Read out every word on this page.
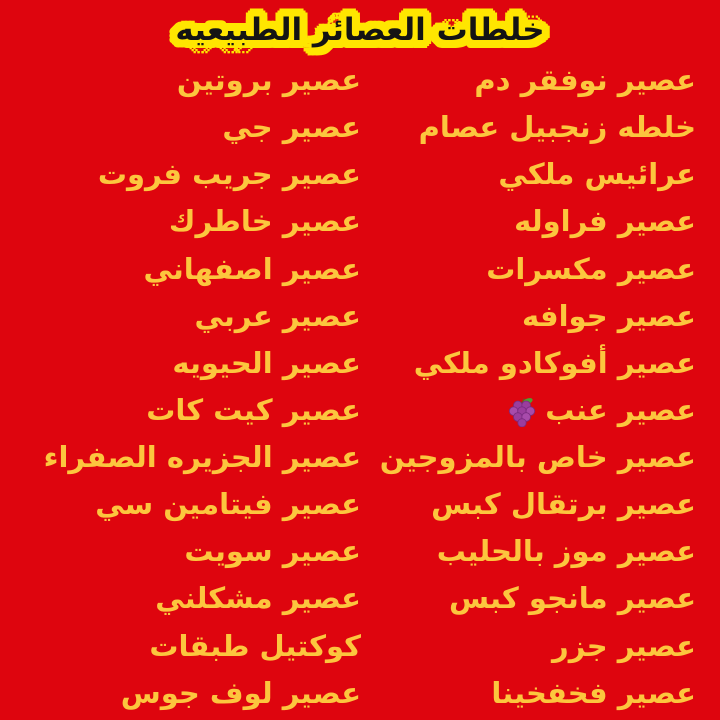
خلطات العصائر الطبيعيه
عصير نوفقر دم
خلطه زنجبيل عصام
عرائيس ملكي
عصير فراوله
عصير مكسرات
عصير جوافه
عصير أفوكادو ملكي
عصير عنب
عصير خاص بالمزوجين
عصير برتقال كبس
عصير موز بالحليب
عصير مانجو كبس
عصير جزر
عصير فخفخينا
عصير بروتين
عصير جي
عصير جريب فروت
عصير خاطرك
عصير اصفهاني
عصير عربي
عصير الحيويه
عصير كيت كات
عصير الجزيره الصفراء
عصير فيتامين سي
عصير سويت
عصير مشكلني
كوكتيل طبقات
عصير لوف جوس
